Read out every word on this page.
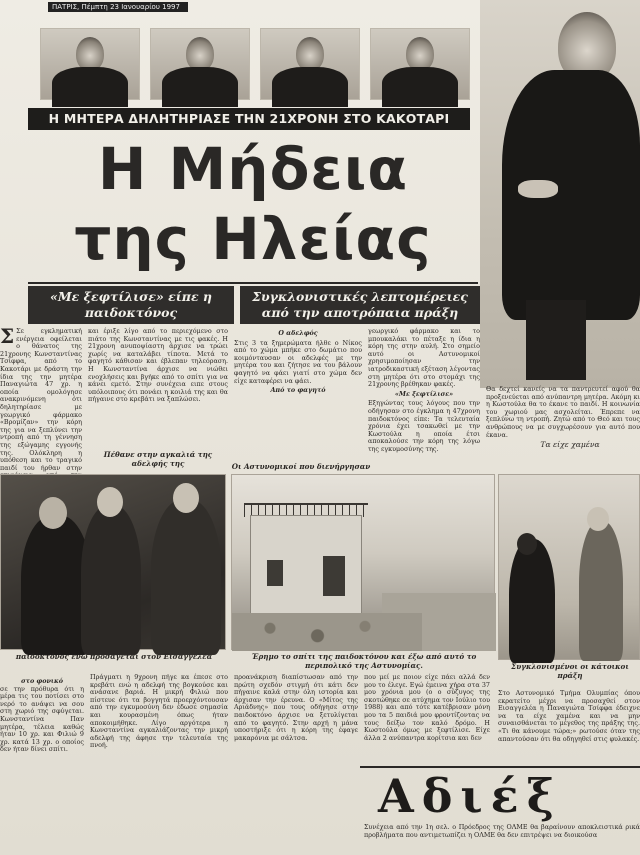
ΠΑΤΡΙΣ, Πέμπτη 23 Ιανουαρίου 1997
Η ΜΗΤΕΡΑ ΔΗΛΗΤΗΡΙΑΣΕ ΤΗΝ 21ΧΡΟΝΗ ΣΤΟ ΚΑΚΟΤΑΡΙ
Η Μήδεια
της Ηλείας
«Με ξεφτίλισε» είπε η παιδοκτόνος
Συγκλονιστικές λεπτομέρειες από την αποτρόπαια πράξη

Σ Σε εγκληματική ενέργεια οφείλεται ο θάνατος της 21χρονης Κωνσταντίνας Τσίφφα, από το Κακοτάρι με δράστη την ίδια της την μητέρα Παναγιώτα 47 χρ. η οποία ομολόγησε ανακρινόμενη ότι δηλητηρίασε με γεωργικό φάρμακο «Βρομίζαν» την κόρη της για να ξεπλύνει την ντροπή από τη γέννηση της εξώγαμης εγγονής της. Ολόκληρη η υπόθεση και το τραγικό παιδί του ήρθαν στην

και έριξε λίγο από το περιεχόμενο στο πιάτο της Κωνσταντίνας με τις φακές. Η 21χρονη ανυποψίαστη άρχισε να τρώει χωρίς να καταλάβει τίποτα. Μετά το φαγητό κάθισαν και έβλεπαν τηλεόραση. Η Κωνσταντίνα άρχισε να νιώθει ενοχλήσεις και βγήκε από το σπίτι για να κάνει εμετό. Στην συνέχεια ειπε στους υπόλοιπους ότι πονάει η κοιλιά της και θα πήγαινε στο κρεβάτι να ξαπλώσει.

Πέθανε στην αγκαλιά της αδελφής της
Ο αδελφός

Στις 3 τα ξημερώματα ήλθε ο Νίκος από το χώμα μπήκε στο δωμάτιο που κοιμόνταυσαν οι αδελφές με την μητέρα του και ζήτησε να του βάλουν φαγητό να φάει γιατί στο χώμα δεν είχε καταφέρει να φάει.

Από το φαγητό
Οι Αστυνομικοί που διενήργησαν

γεωργικό φάρμακο και το μπουκαλάκι το πέταξε η ίδια η κόρη της στην αυλή. Στο σημείο αυτό οι Αστυνομικοί χρησιμοποίησαν την ιατροδικαστική εξέταση λέγοντας στη μητέρα ότι στο στομάχι της 21χρονης βρέθηκαν φακές.

«Με ξεφτίλισε»

Εξηγώντας τους λόγους που την οδήγησαν στο έγκλημα η 47χρονη παιδοκτόνος είπε: Τα τελευταία χρόνια έχει τσακωθεί με την Κωστούλα η οποία έτσι αποκαλούσε την κόρη της λόγω της εγκυμοσύνης της.

Θα δεχτεί κανείς να τα παντρευτεί αφού θα προξενεύεται από ανύπαντρη μητέρα. Ακόμη κι η Κωστούλα θα το έκανε το παιδί. Η κοινωνία του χωριού μας ασχολείται. Έπρεπε να ξεπλύνω τη ντροπή. Ζητώ από το Θεό και τους ανθρώπους να με συγχωρέσουν για αυτό που έκανα.
Τα είχε χαμένα
παιδοκτόνος ενώ προσάγεται στον Εισαγγελέα	Έρημο το σπίτι της παιδοκτόνου και έξω από αυτό το περιπολικό της Αστυνομίας.	Συγκλονισμένοι οι κάτοικοι πράξη
στο φονικό

σε την πρόθυρα ότι η μέρα τις του ποτίσει στο νερό το ανάψει να σου στη χωριό της σφύγεται. Κωνσταντίνα Παν μητέρα, τέλεια καθώς ήταν 10 χρ. και Φιλιώ 9 χρ. κατά 13 χρ. ο οποίος δεν ήταν δίνει σπίτι.

Πράγματι η 9χρονη πήγε κα έπεσε στο κρεβάτι ενώ η αδελφή της βογκούσε και ανάσανε βαριά. Η μικρή Φιλιώ που πίστευε ότι τα βογγητά προερχόντουσαν από την εγκυμοσύνη δεν έδωσε σημασία και κουρασμένη όπως ήταν αποκοιμήθηκε. Λίγο αργότερα η Κωνσταντίνα αγκαλιάζοντας την μικρή αδελφή της άφησε την τελευταία της πνοή.
προανάκριση διαπίστωσαν από την πρώτη σχεδόν στιγμή ότι κάτι δεν πήγαινε καλά στην όλη ιστορία και άρχισαν την έρευνα. Ο «Μίτος της Αριάδνης» που τους οδήγησε στην παιδοκτόνο άρχισε να ξετυλίγεται από το φαγητό. Στην αρχή η μάνα υποστήριξε ότι η κόρη της έφαγε μακαρόνια με σάλτσα.
που μεί με ποιον είχε πάει αλλά δεν μου το έλεγε. Εγώ έμεινα χήρα στα 37 μου χρόνια μου (ο ο σύζυγος της σκοτώθηκε σε ατύχημα τον Ιούλιο του 1988) και από τότε κατέβρισαν μόνη μου τα 5 παιδιά μου φροντίζοντας να τους δείξω τον καλό δρόμο. Η Κωστούλα όμως με ξεφτίλισε. Είχε άλλα 2 ανύπαντρα κορίτσια και δεν
Στο Αστυνομικό Τμήμα Ολυμπίας όπου εκρατείτο μέχρι να προσαχθεί στον Εισαγγελέα η Παναγιώτα Τσίφφα έδειχνε να τα είχε χαμένα και να μην συναισθάνεται το μέγεθος της πράξης της. «Τι θα κάνουμε τώρα;» ρωτούσε όταν της απαντούσαν ότι θα οδηγηθεί στις φυλακές.
Αδιέξ
Συνέχεια από την 1η σελ. ο Πρόεδρος της ΟΛΜΕ θα βαραίνουν αποκλειστικά ρικά προβλήματα που αντιμετωπίζει η ΟΛΜΕ θα δεν επιτρέψει να διοικούσα
